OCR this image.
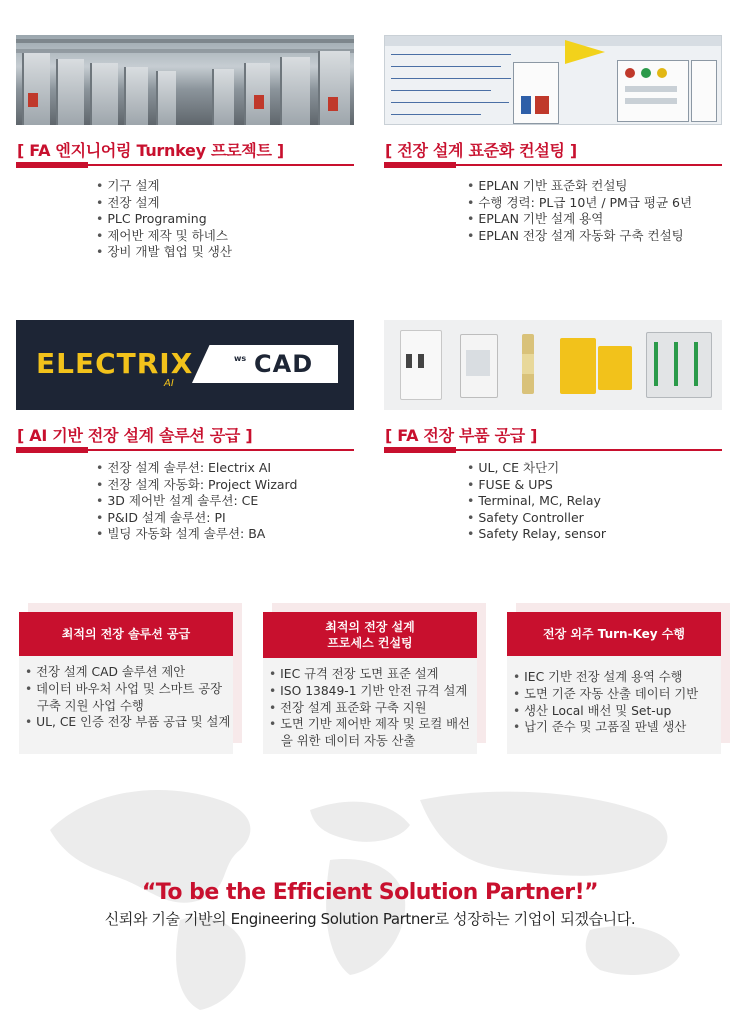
[ FA 엔지니어링 Turnkey 프로젝트 ]
• 기구 설계
• 전장 설계
• PLC Programing
• 제어반 제작 및 하네스
• 장비 개발 협업 및 생산
[ 전장 설계 표준화 컨설팅 ]
• EPLAN 기반 표준화 컨설팅
• 수행 경력: PL급 10년 / PM급 평균 6년
• EPLAN 기반 설계 용역
• EPLAN 전장 설계 자동화 구축 컨설팅
ELECTRIX
AI
ws CAD
[ AI 기반 전장 설계 솔루션 공급 ]
• 전장 설계 솔루션: Electrix AI
• 전장 설계 자동화: Project Wizard
• 3D 제어반 설계 솔루션: CE
• P&ID 설계 솔루션: PI
• 빌딩 자동화 설계 솔루션: BA
[ FA 전장 부품 공급 ]
• UL, CE 차단기
• FUSE & UPS
• Terminal, MC, Relay
• Safety Controller
• Safety Relay, sensor
최적의 전장 솔루션 공급
• 전장 설계 CAD 솔루션 제안
• 데이터 바우처 사업 및 스마트 공장 구축 지원 사업 수행
• UL, CE 인증 전장 부품 공급 및 설계
최적의 전장 설계
프로세스 컨설팅
• IEC 규격 전장 도면 표준 설계
• ISO 13849-1 기반 안전 규격 설계
• 전장 설계 표준화 구축 지원
• 도면 기반 제어반 제작 및 로컬 배선을 위한 데이터 자동 산출
전장 외주 Turn-Key 수행
• IEC 기반 전장 설계 용역 수행
• 도면 기준 자동 산출 데이터 기반
• 생산 Local 배선 및 Set-up
• 납기 준수 및 고품질 판넬 생산
“To be the Efficient Solution Partner!”
신뢰와 기술 기반의 Engineering Solution Partner로 성장하는 기업이 되겠습니다.
